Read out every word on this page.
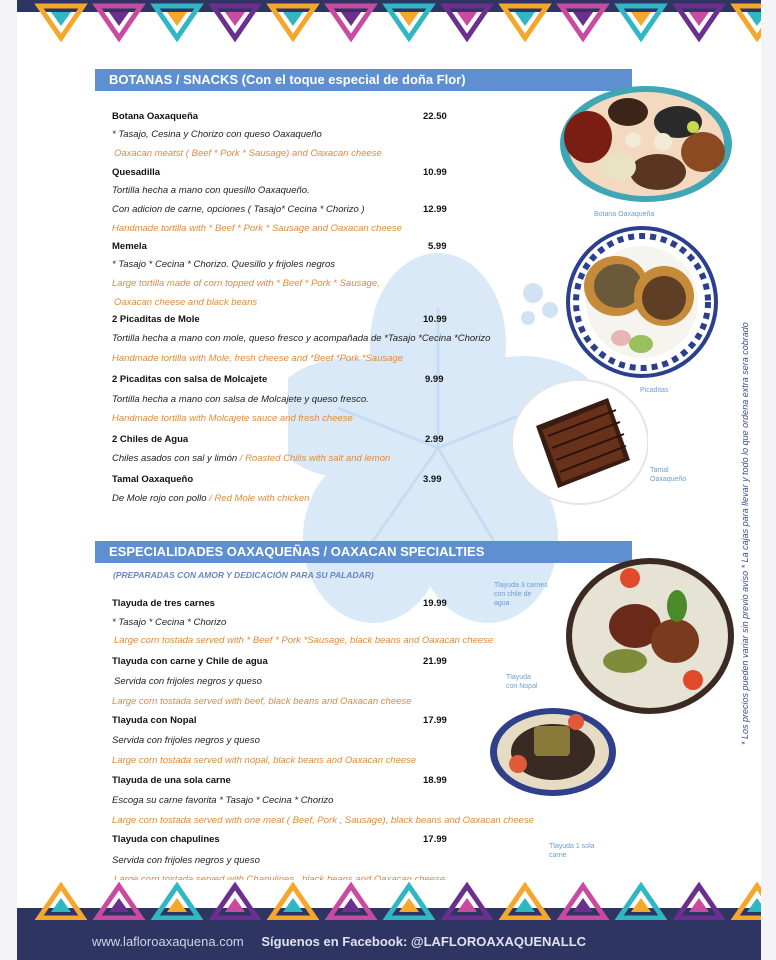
BOTANAS / SNACKS (Con el toque especial de doña Flor)
Botana Oaxaqueña	22.50
* Tasajo, Cesina y Chorizo con queso Oaxaqueño
Oaxacan meatst ( Beef * Pork * Sausage) and Oaxacan cheese
Quesadilla	10.99
Tortilla hecha a mano con quesillo Oaxaqueño.
Con adicion de carne, opciones ( Tasajo* Cecina * Chorizo )	12.99
Handmade tortilla with * Beef * Pork * Sausage and Oaxacan cheese
Memela	5.99
* Tasajo * Cecina * Chorizo. Quesillo y frijoles negros
Large tortilla made of corn topped with * Beef * Pork * Sausage,
Oaxacan cheese and black beans
2 Picaditas de Mole	10.99
Tortilla hecha a mano con mole, queso fresco y acompañada de *Tasajo *Cecina *Chorizo
Handmade tortilla with Mole, fresh cheese and *Beef *Pork *Sausage
2 Picaditas con salsa de Molcajete	9.99
Tortilla hecha a mano con salsa de Molcajete y queso fresco.
Handmade tortilla with Molcajete sauce and fresh cheese
2 Chiles de Agua	2.99
Chiles asados con sal y limón / Roasted Chilis with salt and lemon
Tamal Oaxaqueño	3.99
De Mole rojo con pollo / Red Mole with chicken
Botana Oaxaqueña
Picaditas
Tamal
Oaxaqueño
ESPECIALIDADES OAXAQUEÑAS / OAXACAN SPECIALTIES
(PREPARADAS CON AMOR Y DEDICACIÓN PARA SU PALADAR)
Tlayuda de tres carnes	19.99
* Tasajo * Cecina * Chorizo
Large corn tostada served with * Beef * Pork *Sausage, black beans and Oaxacan cheese
Tlayuda con carne y Chile de agua	21.99
Servida con frijoles negros y queso
Large corn tostada served with beef, black beans and Oaxacan cheese
Tlayuda con Nopal	17.99
Servida con frijoles negros y queso
Large corn tostada served with nopal, black beans and Oaxacan cheese
Tlayuda de una sola carne	18.99
Escoga su carne favorita * Tasajo * Cecina * Chorizo
Large corn tostada served with one meat ( Beef, Pork , Sausage), black beans and Oaxacan cheese
Tlayuda con chapulines	17.99
Servida con frijoles negros y queso
Large corn tostada served with Chapulines , black beans and Oaxacan cheese
Tlayuda 3 carnes
con chile de
agua
Tlayuda
con Nopal
Tlayuda 1 sola
carne
* Los precios pueden variar sin previo aviso * La cajas para llevar y todo lo que ordena extra sera cobrado
www.lafloroaxaquena.com Síguenos en Facebook: @LAFLOROAXAQUENALLC
